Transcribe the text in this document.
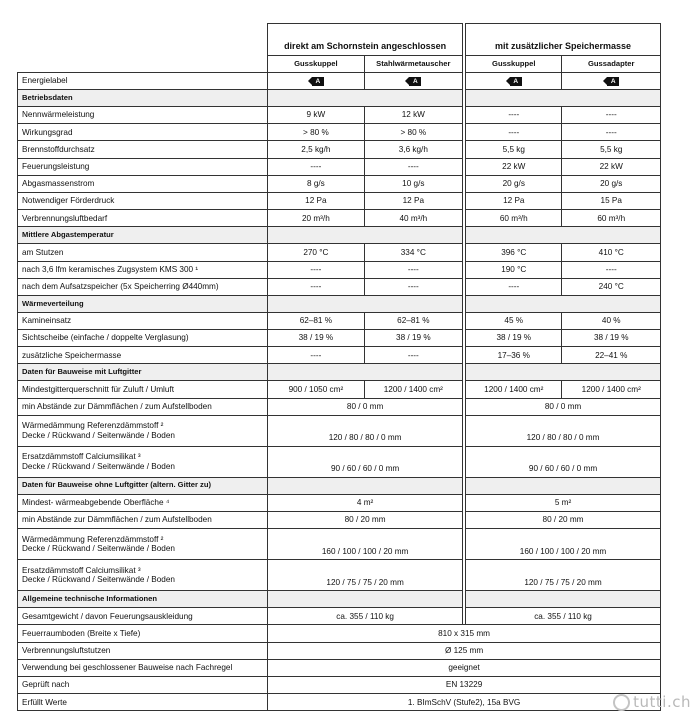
	direkt am Schornstein angeschlossen			mit zusätzlicher Speichermasse	
	Gusskuppel	Stahlwärmetauscher		Gusskuppel	Gussadapter
Energielabel	A	A		A	A

Betriebsdaten					
Nennwärmeleistung	9 kW	12 kW		----	----
Wirkungsgrad	> 80 %	> 80 %		----	----
Brennstoffdurchsatz	2,5 kg/h	3,6 kg/h		5,5 kg	5,5 kg
Feuerungsleistung	----	----		22 kW	22 kW
Abgasmassenstrom	8 g/s	10 g/s		20 g/s	20 g/s
Notwendiger Förderdruck	12 Pa	12 Pa		12 Pa	15 Pa
Verbrennungsluftbedarf	20 m³/h	40 m³/h		60 m³/h	60 m³/h
Mittlere Abgastemperatur					
am Stutzen	270 °C	334 °C		396 °C	410 °C
nach 3,6 lfm keramisches Zugsystem KMS 300 ¹	----	----		190 °C	----
nach dem Aufsatzspeicher (5x Speicherring Ø440mm)	----	----		----	240 °C
Wärmeverteilung					
Kamineinsatz	62–81 %	62–81 %		45 %	40 %
Sichtscheibe (einfache / doppelte Verglasung)	38 / 19 %	38 / 19 %		38 / 19 %	38 / 19 %
zusätzliche Speichermasse	----	----		17–36 %	22–41 %
Daten für Bauweise mit Luftgitter					
Mindestgitterquerschnitt für Zuluft / Umluft	900 / 1050 cm²	1200 / 1400 cm²		1200 / 1400 cm²	1200 / 1400 cm²

min Abstände zur Dämmflächen / zum Aufstellboden	80 / 0 mm			80 / 0 mm	

Wärmedämmung Referenzdämmstoff ²
Decke / Rückwand / Seitenwände / Boden	120 / 80 / 80 / 0 mm			120 / 80 / 80 / 0 mm	

Ersatzdämmstoff Calciumsilikat ³
Decke / Rückwand / Seitenwände / Boden	90 / 60 / 60 / 0 mm			90 / 60 / 60 / 0 mm	
Daten für Bauweise ohne Luftgitter (altern. Gitter zu)					

Mindest- wärmeabgebende Oberfläche ⁴	4 m²			5 m²	

min Abstände zur Dämmflächen / zum Aufstellboden	80 / 20 mm			80 / 20 mm	

Wärmedämmung Referenzdämmstoff ²
Decke / Rückwand / Seitenwände / Boden	160 / 100 / 100 / 20 mm			160 / 100 / 100 / 20 mm	

Ersatzdämmstoff Calciumsilikat ³
Decke / Rückwand / Seitenwände / Boden	120 / 75 / 75 / 20 mm			120 / 75 / 75 / 20 mm	
Allgemeine technische Informationen					
Gesamtgewicht / davon Feuerungsauskleidung	ca. 355 / 110 kg			ca. 355 / 110 kg	
Feuerraumboden (Breite x Tiefe)	810 x 315 mm				
Verbrennungsluftstutzen	Ø 125 mm				
Verwendung bei geschlossener Bauweise nach Fachregel	geeignet				
Geprüft nach	EN 13229				
Erfüllt Werte	1. BImSchV (Stufe2), 15a BVG					tutti.ch
